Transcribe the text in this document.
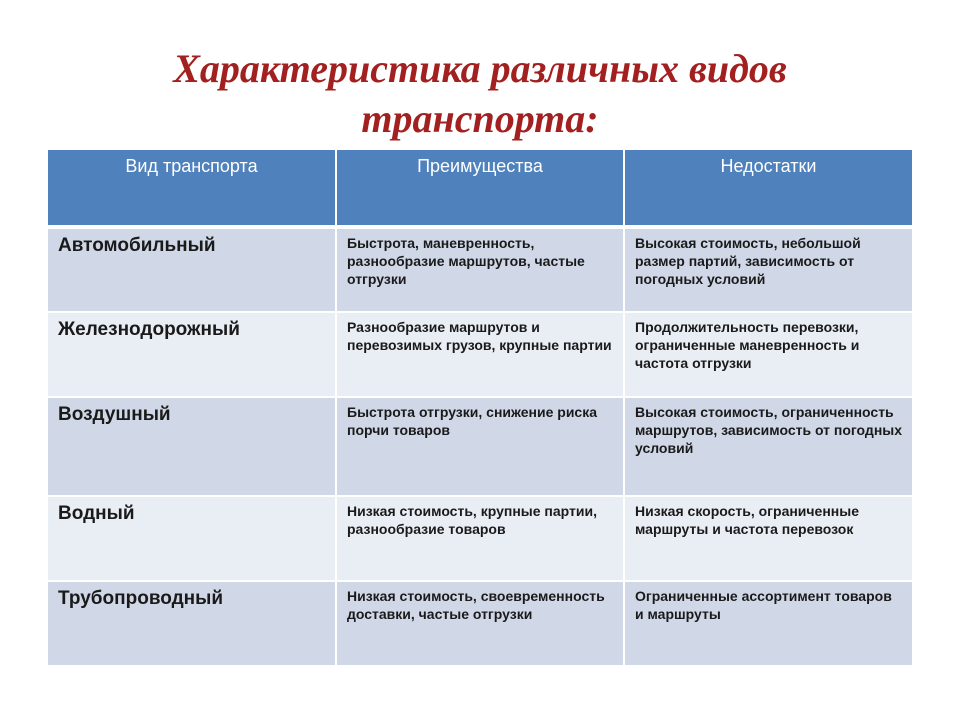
Характеристика различных видов
транспорта:
Вид транспорта	Преимущества	Недостатки
Автомобильный	Быстрота, маневренность, разнообразие маршрутов, частые отгрузки	Высокая стоимость, небольшой размер партий, зависимость от погодных условий
Железнодорожный	Разнообразие маршрутов и перевозимых грузов, крупные партии	Продолжительность перевозки, ограниченные маневренность и частота отгрузки
Воздушный	Быстрота отгрузки, снижение риска порчи товаров	Высокая стоимость, ограниченность маршрутов, зависимость от погодных условий
Водный	Низкая стоимость, крупные партии, разнообразие товаров	Низкая скорость, ограниченные маршруты и частота перевозок
Трубопроводный	Низкая стоимость, своевременность доставки, частые отгрузки	Ограниченные ассортимент товаров и маршруты
